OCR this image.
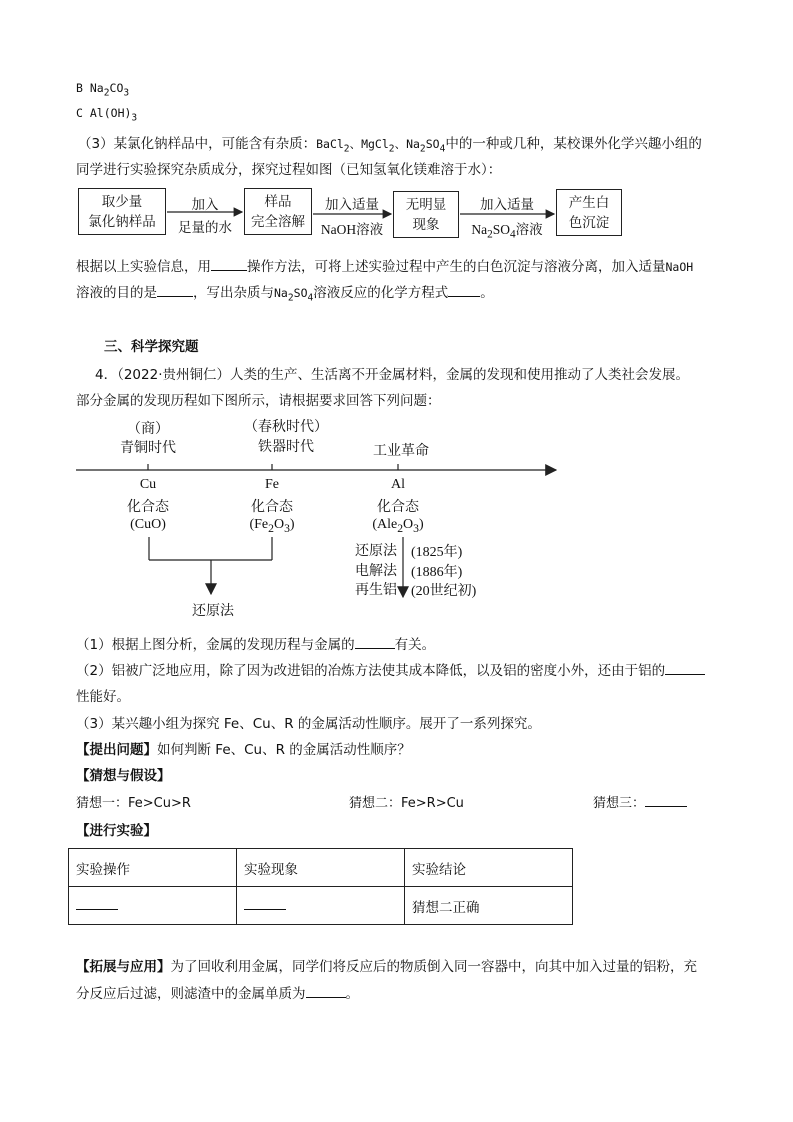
B $Na_2CO_3$
C $Al(OH)_3$
（3）某氯化钠样品中，可能含有杂质：BaCl$_2$、MgCl$_2$、$Na_2SO_4$中的一种或几种，某校课外化学兴趣小组的
同学进行实验探究杂质成分，探究过程如图（已知氢氧化镁难溶于水）：
取少量
氯化钠样品
样品
完全溶解
无明显
现象
产生白
色沉淀
加入
足量的水
加入适量
NaOH溶液
加入适量
$Na_2SO_4$溶液
根据以上实验信息，用	操作方法，可将上述实验过程中产生的白色沉淀与溶液分离，加入适量NaOH
溶液的目的是	，写出杂质与$Na_2SO_4$溶液反应的化学方程式 。
三、科学探究题
4．（2022·贵州铜仁）人类的生产、生活离不开金属材料，金属的发现和使用推动了人类社会发展。
部分金属的发现历程如下图所示，请根据要求回答下列问题：
（商）
青铜时代
（春秋时代）
铁器时代	工业革命
Cu	Fe	Al
化合态	化合态	化合态
(CuO)	$(Fe_2O_3)$	$(Ale_2O_3)$
还原法 (1825年)
电解法 (1886年)
再生铝 (20世纪初)
还原法
（1）根据上图分析，金属的发现历程与金属的	有关。
（2）铝被广泛地应用，除了因为改进铝的冶炼方法使其成本降低，以及铝的密度小外，还由于铝的
性能好。
（3）某兴趣小组为探究 Fe、Cu、R 的金属活动性顺序。展开了一系列探究。
【提出问题】如何判断 Fe、Cu、R 的金属活动性顺序？
【猜想与假设】
猜想一：Fe>Cu>R	猜想二：Fe>R>Cu	猜想三：
【进行实验】
实验操作	实验现象	实验结论
		猜想二正确
【拓展与应用】为了回收利用金属，同学们将反应后的物质倒入同一容器中，向其中加入过量的铝粉，充
分反应后过滤，则滤渣中的金属单质为	。
